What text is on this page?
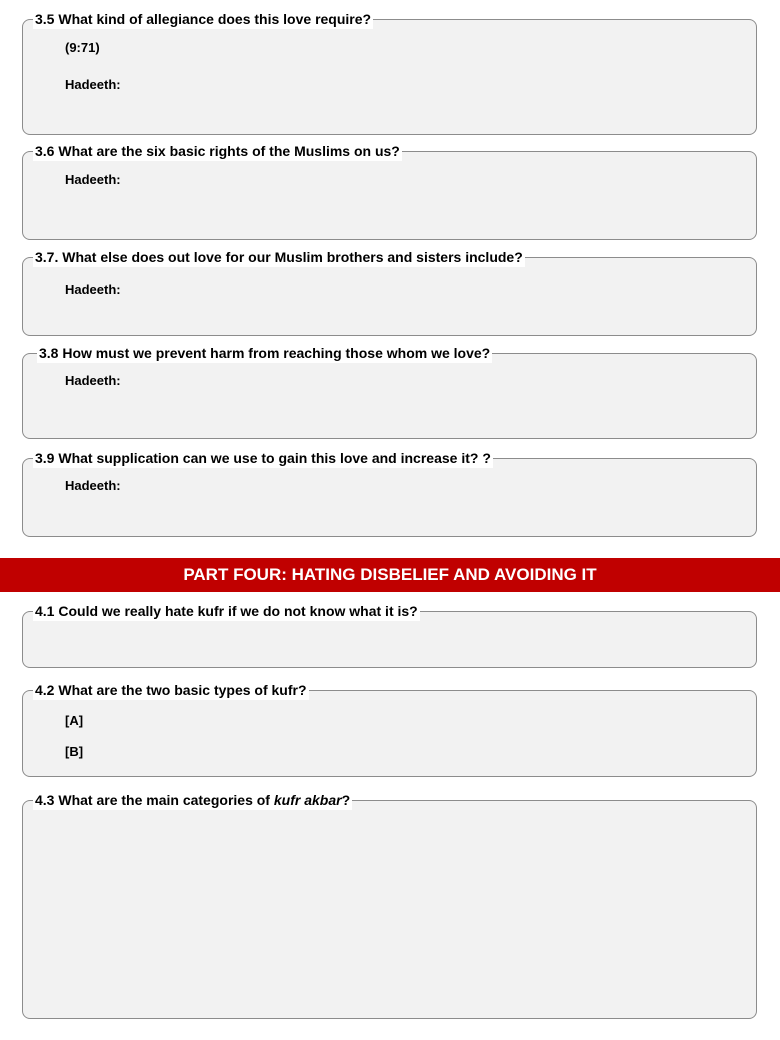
3.5 What kind of allegiance does this love require?
(9:71)
Hadeeth:
3.6 What are the six basic rights of the Muslims on us?
Hadeeth:
3.7. What else does out love for our Muslim brothers and sisters include?
Hadeeth:
3.8 How must we prevent harm from reaching those whom we love?
Hadeeth:
3.9 What supplication can we use to gain this love and increase it? ?
Hadeeth:
PART FOUR: HATING DISBELIEF AND AVOIDING IT
4.1 Could we really hate kufr if we do not know what it is?
4.2 What are the two basic types of kufr?
[A]
[B]
4.3 What are the main categories of kufr akbar?
